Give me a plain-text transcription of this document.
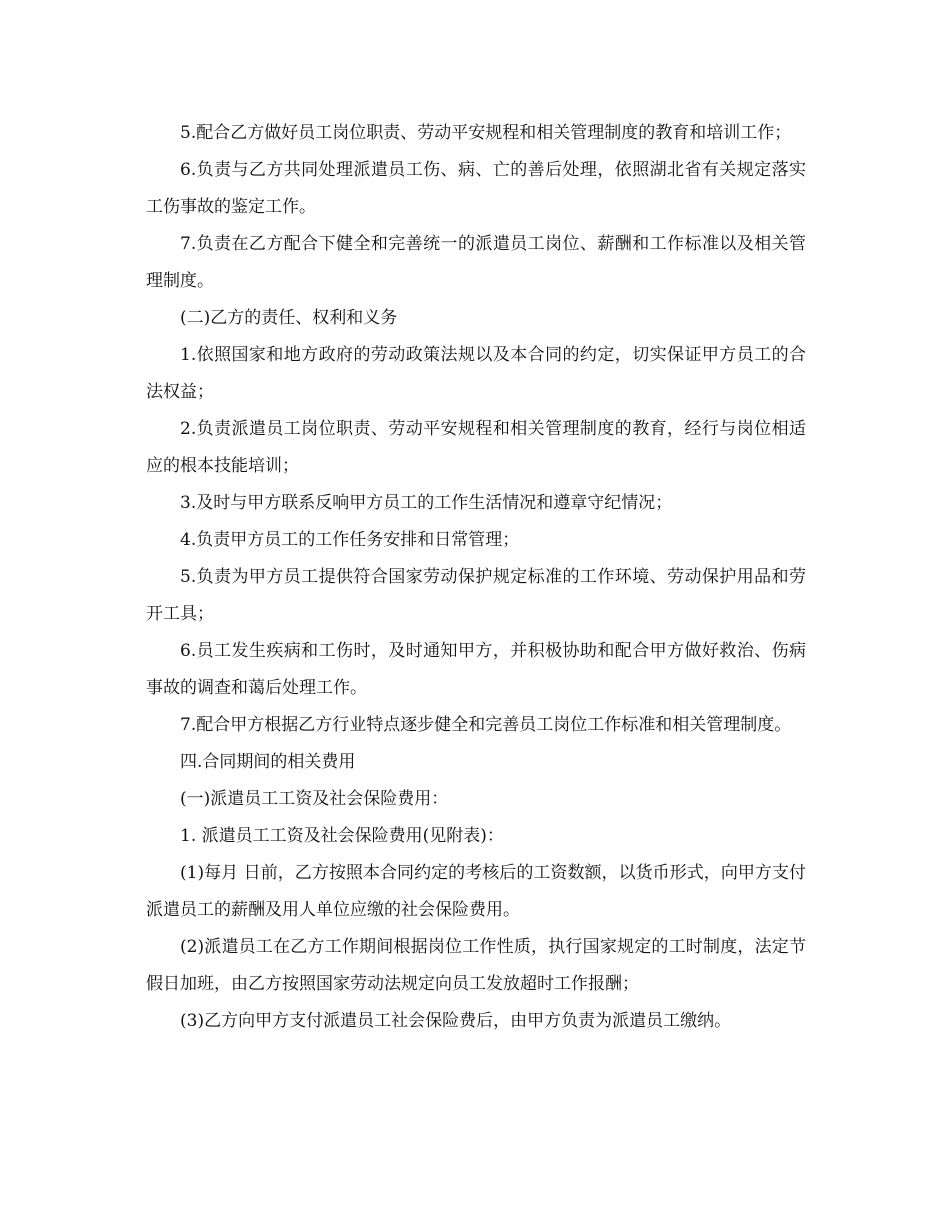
5.配合乙方做好员工岗位职责、劳动平安规程和相关管理制度的教育和培训工作；

6.负责与乙方共同处理派遣员工伤、病、亡的善后处理，依照湖北省有关规定落实工伤事故的鉴定工作。

7.负责在乙方配合下健全和完善统一的派遣员工岗位、薪酬和工作标准以及相关管理制度。

(二)乙方的责任、权利和义务

1.依照国家和地方政府的劳动政策法规以及本合同的约定，切实保证甲方员工的合法权益；

2.负责派遣员工岗位职责、劳动平安规程和相关管理制度的教育，经行与岗位相适应的根本技能培训；

3.及时与甲方联系反响甲方员工的工作生活情况和遵章守纪情况；

4.负责甲方员工的工作任务安排和日常管理；

5.负责为甲方员工提供符合国家劳动保护规定标准的工作环境、劳动保护用品和劳开工具；

6.员工发生疾病和工伤时，及时通知甲方，并积极协助和配合甲方做好救治、伤病事故的调查和蔼后处理工作。

7.配合甲方根据乙方行业特点逐步健全和完善员工岗位工作标准和相关管理制度。

四.合同期间的相关费用

(一)派遣员工工资及社会保险费用：

1. 派遣员工工资及社会保险费用(见附表)：

(1)每月 日前，乙方按照本合同约定的考核后的工资数额，以货币形式，向甲方支付派遣员工的薪酬及用人单位应缴的社会保险费用。

(2)派遣员工在乙方工作期间根据岗位工作性质，执行国家规定的工时制度，法定节假日加班，由乙方按照国家劳动法规定向员工发放超时工作报酬；

(3)乙方向甲方支付派遣员工社会保险费后，由甲方负责为派遣员工缴纳。
